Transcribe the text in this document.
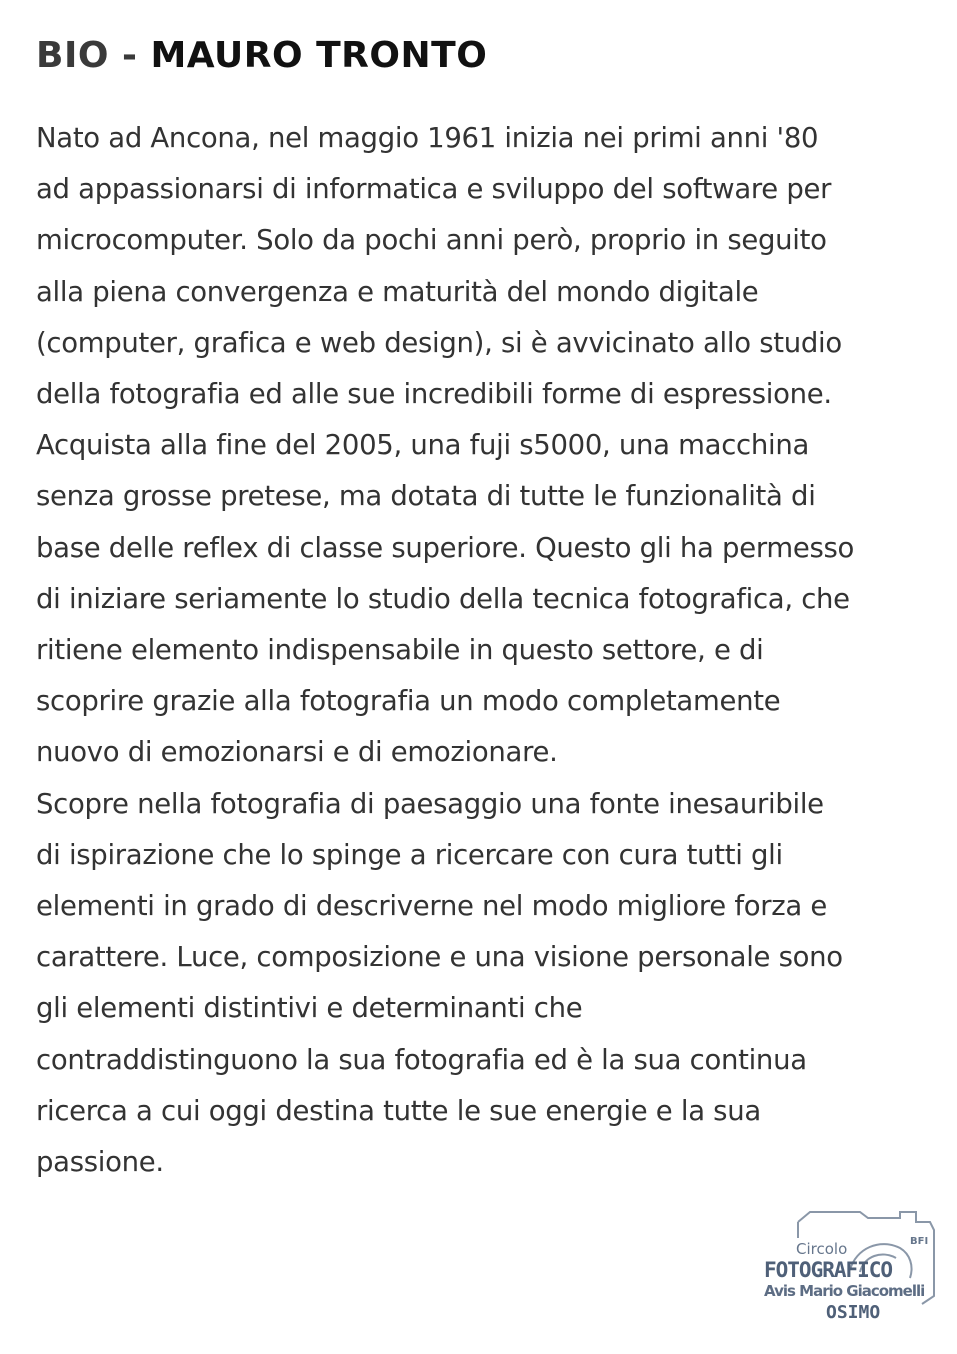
BIO - MAURO TRONTO
Nato ad Ancona, nel maggio 1961 inizia nei primi anni '80
ad appassionarsi di informatica e sviluppo del software per
microcomputer. Solo da pochi anni però, proprio in seguito
alla piena convergenza e maturità del mondo digitale
(computer, grafica e web design), si è avvicinato allo studio
della fotografia ed alle sue incredibili forme di espressione.
Acquista alla fine del 2005, una fuji s5000, una macchina
senza grosse pretese, ma dotata di tutte le funzionalità di
base delle reflex di classe superiore. Questo gli ha permesso
di iniziare seriamente lo studio della tecnica fotografica, che
ritiene elemento indispensabile in questo settore, e di
scoprire grazie alla fotografia un modo completamente
nuovo di emozionarsi e di emozionare.
Scopre nella fotografia di paesaggio una fonte inesauribile
di ispirazione che lo spinge a ricercare con cura tutti gli
elementi in grado di descriverne nel modo migliore forza e
carattere. Luce, composizione e una visione personale sono
gli elementi distintivi e determinanti che
contraddistinguono la sua fotografia ed è la sua continua
ricerca a cui oggi destina tutte le sue energie e la sua
passione.
Circolo	BFI
FOTOGRAFICO
Avis Mario Giacomelli
OSIMO
